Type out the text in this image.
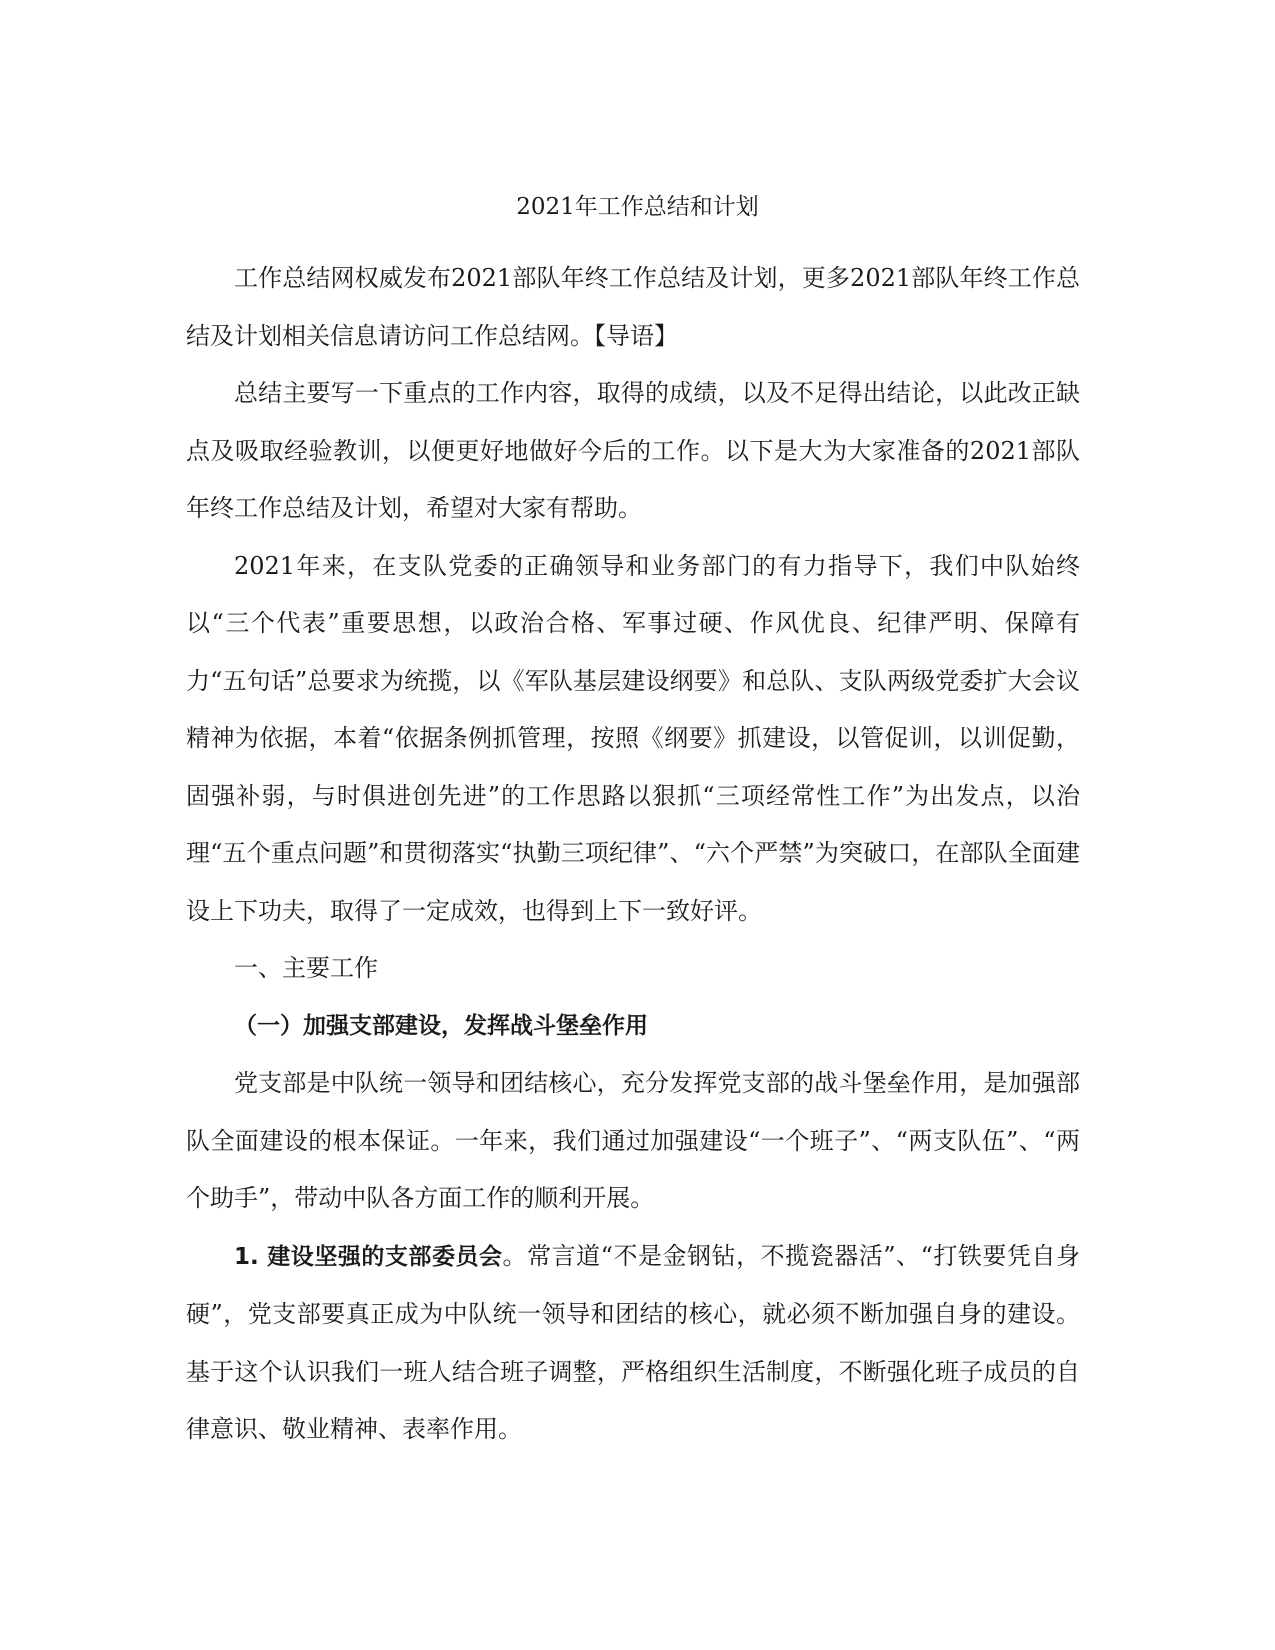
2021年工作总结和计划

工作总结网权威发布2021部队年终工作总结及计划，更多2021部队年终工作总结及计划相关信息请访问工作总结网。【导语】

总结主要写一下重点的工作内容，取得的成绩，以及不足得出结论，以此改正缺点及吸取经验教训，以便更好地做好今后的工作。以下是大为大家准备的2021部队年终工作总结及计划，希望对大家有帮助。

2021年来，在支队党委的正确领导和业务部门的有力指导下，我们中队始终以“三个代表”重要思想，以政治合格、军事过硬、作风优良、纪律严明、保障有力“五句话”总要求为统揽，以《军队基层建设纲要》和总队、支队两级党委扩大会议精神为依据，本着“依据条例抓管理，按照《纲要》抓建设，以管促训，以训促勤，固强补弱，与时俱进创先进”的工作思路以狠抓“三项经常性工作”为出发点，以治理“五个重点问题”和贯彻落实“执勤三项纪律”、“六个严禁”为突破口，在部队全面建设上下功夫，取得了一定成效，也得到上下一致好评。

一、主要工作

（一）加强支部建设，发挥战斗堡垒作用

党支部是中队统一领导和团结核心，充分发挥党支部的战斗堡垒作用，是加强部队全面建设的根本保证。一年来，我们通过加强建设“一个班子”、“两支队伍”、“两个助手”，带动中队各方面工作的顺利开展。

1. 建设坚强的支部委员会。常言道“不是金钢钻，不揽瓷器活”、“打铁要凭自身硬”，党支部要真正成为中队统一领导和团结的核心，就必须不断加强自身的建设。基于这个认识我们一班人结合班子调整，严格组织生活制度，不断强化班子成员的自律意识、敬业精神、表率作用。
